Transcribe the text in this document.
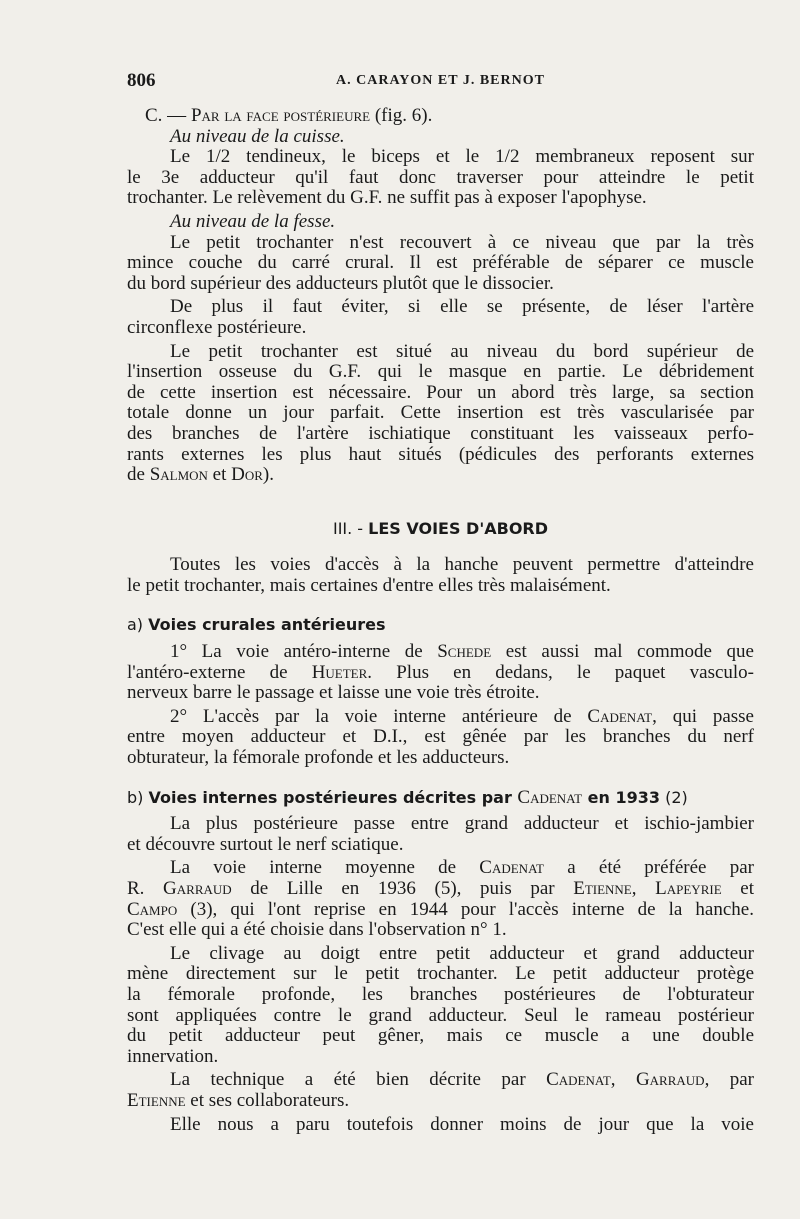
806	A. CARAYON ET J. BERNOT
C. — Par la face postérieure (fig. 6).
Au niveau de la cuisse.
Le 1/2 tendineux, le biceps et le 1/2 membraneux reposent sur
le 3e adducteur qu'il faut donc traverser pour atteindre le petit
trochanter. Le relèvement du G.F. ne suffit pas à exposer l'apophyse.
Au niveau de la fesse.
Le petit trochanter n'est recouvert à ce niveau que par la très
mince couche du carré crural. Il est préférable de séparer ce muscle
du bord supérieur des adducteurs plutôt que le dissocier.
De plus il faut éviter, si elle se présente, de léser l'artère
circonflexe postérieure.
Le petit trochanter est situé au niveau du bord supérieur de
l'insertion osseuse du G.F. qui le masque en partie. Le débridement
de cette insertion est nécessaire. Pour un abord très large, sa section
totale donne un jour parfait. Cette insertion est très vascularisée par
des branches de l'artère ischiatique constituant les vaisseaux perfo-
rants externes les plus haut situés (pédicules des perforants externes
de Salmon et Dor).
III. - LES VOIES D'ABORD
Toutes les voies d'accès à la hanche peuvent permettre d'atteindre
le petit trochanter, mais certaines d'entre elles très malaisément.
a) Voies crurales antérieures
1° La voie antéro-interne de Schede est aussi mal commode que
l'antéro-externe de Hueter. Plus en dedans, le paquet vasculo-
nerveux barre le passage et laisse une voie très étroite.
2° L'accès par la voie interne antérieure de Cadenat, qui passe
entre moyen adducteur et D.I., est gênée par les branches du nerf
obturateur, la fémorale profonde et les adducteurs.
b) Voies internes postérieures décrites par Cadenat en 1933 (2)
La plus postérieure passe entre grand adducteur et ischio-jambier
et découvre surtout le nerf sciatique.
La voie interne moyenne de Cadenat a été préférée par
R. Garraud de Lille en 1936 (5), puis par Etienne, Lapeyrie et
Campo (3), qui l'ont reprise en 1944 pour l'accès interne de la hanche.
C'est elle qui a été choisie dans l'observation n° 1.
Le clivage au doigt entre petit adducteur et grand adducteur
mène directement sur le petit trochanter. Le petit adducteur protège
la fémorale profonde, les branches postérieures de l'obturateur
sont appliquées contre le grand adducteur. Seul le rameau postérieur
du petit adducteur peut gêner, mais ce muscle a une double
innervation.
La technique a été bien décrite par Cadenat, Garraud, par
Etienne et ses collaborateurs.
Elle nous a paru toutefois donner moins de jour que la voie
